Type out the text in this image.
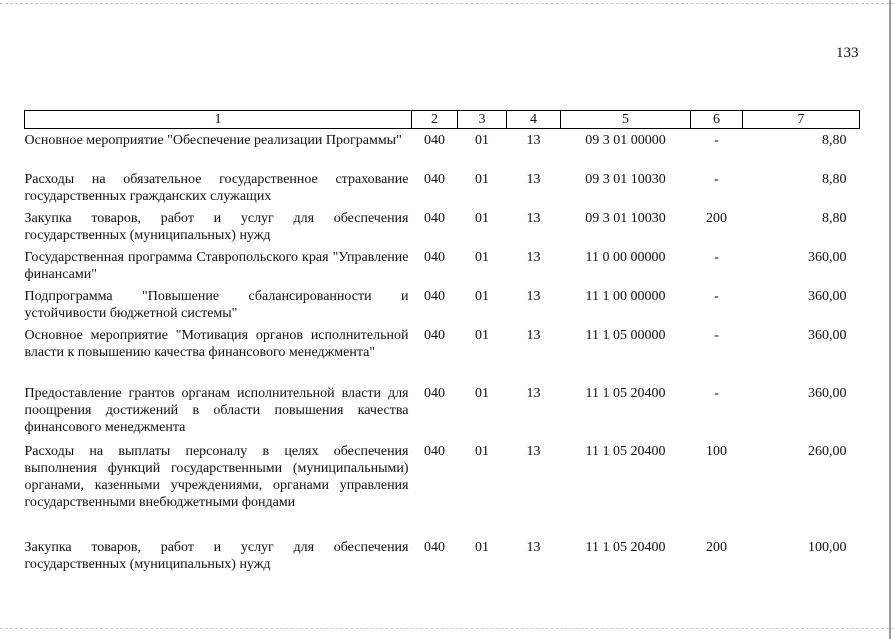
133
1	2	3	4	5	6	7
Основное мероприятие "Обеспечение реализации Программы"	040	01	13	09 3 01 00000	-	8,80
Расходы на обязательное государственное страхование государственных гражданских служащих	040	01	13	09 3 01 10030	-	8,80
Закупка товаров, работ и услуг для обеспечения государственных (муниципальных) нужд	040	01	13	09 3 01 10030	200	8,80
Государственная программа Ставропольского края "Управление финансами"	040	01	13	11 0 00 00000	-	360,00
Подпрограмма "Повышение сбалансированности и устойчивости бюджетной системы"	040	01	13	11 1 00 00000	-	360,00
Основное мероприятие "Мотивация органов исполнительной власти к повышению качества финансового менеджмента"	040	01	13	11 1 05 00000	-	360,00
Предоставление грантов органам исполнительной власти для поощрения достижений в области повышения качества финансового менеджмента	040	01	13	11 1 05 20400	-	360,00
Расходы на выплаты персоналу в целях обеспечения выполнения функций государственными (муниципальными) органами, казенными учреждениями, органами управления государственными внебюджетными фондами	040	01	13	11 1 05 20400	100	260,00
Закупка товаров, работ и услуг для обеспечения государственных (муниципальных) нужд	040	01	13	11 1 05 20400	200	100,00
